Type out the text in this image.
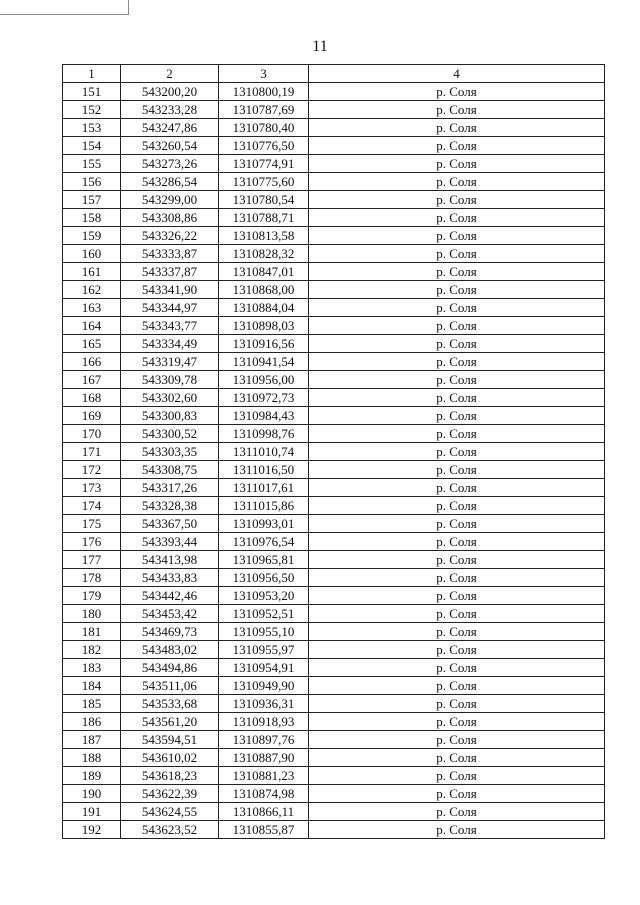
11
1	2	3	4
151	543200,20	1310800,19	р. Соля
152	543233,28	1310787,69	р. Соля
153	543247,86	1310780,40	р. Соля
154	543260,54	1310776,50	р. Соля
155	543273,26	1310774,91	р. Соля
156	543286,54	1310775,60	р. Соля
157	543299,00	1310780,54	р. Соля
158	543308,86	1310788,71	р. Соля
159	543326,22	1310813,58	р. Соля
160	543333,87	1310828,32	р. Соля
161	543337,87	1310847,01	р. Соля
162	543341,90	1310868,00	р. Соля
163	543344,97	1310884,04	р. Соля
164	543343,77	1310898,03	р. Соля
165	543334,49	1310916,56	р. Соля
166	543319,47	1310941,54	р. Соля
167	543309,78	1310956,00	р. Соля
168	543302,60	1310972,73	р. Соля
169	543300,83	1310984,43	р. Соля
170	543300,52	1310998,76	р. Соля
171	543303,35	1311010,74	р. Соля
172	543308,75	1311016,50	р. Соля
173	543317,26	1311017,61	р. Соля
174	543328,38	1311015,86	р. Соля
175	543367,50	1310993,01	р. Соля
176	543393,44	1310976,54	р. Соля
177	543413,98	1310965,81	р. Соля
178	543433,83	1310956,50	р. Соля
179	543442,46	1310953,20	р. Соля
180	543453,42	1310952,51	р. Соля
181	543469,73	1310955,10	р. Соля
182	543483,02	1310955,97	р. Соля
183	543494,86	1310954,91	р. Соля
184	543511,06	1310949,90	р. Соля
185	543533,68	1310936,31	р. Соля
186	543561,20	1310918,93	р. Соля
187	543594,51	1310897,76	р. Соля
188	543610,02	1310887,90	р. Соля
189	543618,23	1310881,23	р. Соля
190	543622,39	1310874,98	р. Соля
191	543624,55	1310866,11	р. Соля
192	543623,52	1310855,87	р. Соля
